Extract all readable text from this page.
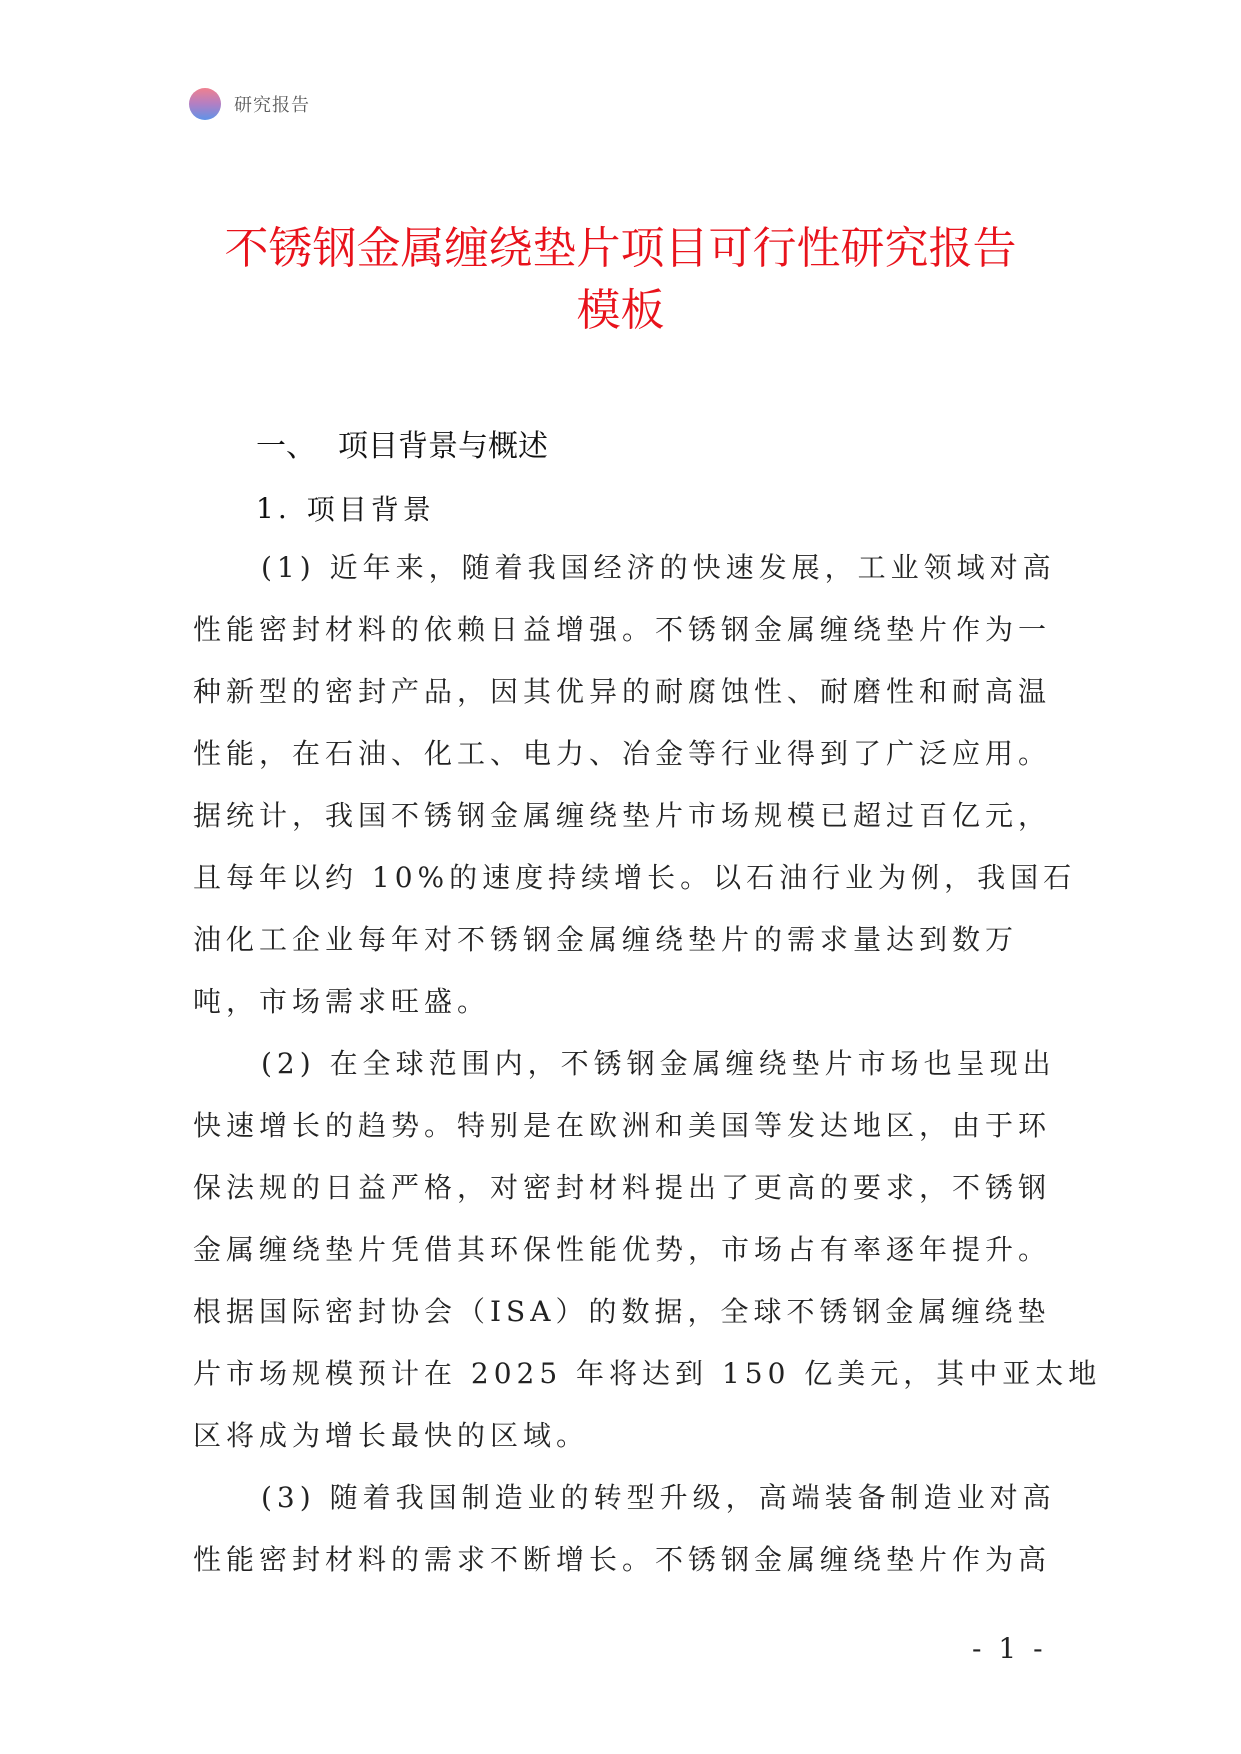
研究报告
不锈钢金属缠绕垫片项目可行性研究报告
模板
一、 项目背景与概述
1. 项目背景
(1) 近年来，随着我国经济的快速发展，工业领域对高
性能密封材料的依赖日益增强。不锈钢金属缠绕垫片作为一
种新型的密封产品，因其优异的耐腐蚀性、耐磨性和耐高温
性能，在石油、化工、电力、冶金等行业得到了广泛应用。
据统计，我国不锈钢金属缠绕垫片市场规模已超过百亿元，
且每年以约 10%的速度持续增长。以石油行业为例，我国石
油化工企业每年对不锈钢金属缠绕垫片的需求量达到数万
吨，市场需求旺盛。
(2) 在全球范围内，不锈钢金属缠绕垫片市场也呈现出
快速增长的趋势。特别是在欧洲和美国等发达地区，由于环
保法规的日益严格，对密封材料提出了更高的要求，不锈钢
金属缠绕垫片凭借其环保性能优势，市场占有率逐年提升。
根据国际密封协会（ISA）的数据，全球不锈钢金属缠绕垫
片市场规模预计在 2025 年将达到 150 亿美元，其中亚太地
区将成为增长最快的区域。
(3) 随着我国制造业的转型升级，高端装备制造业对高
性能密封材料的需求不断增长。不锈钢金属缠绕垫片作为高
- 1 -
